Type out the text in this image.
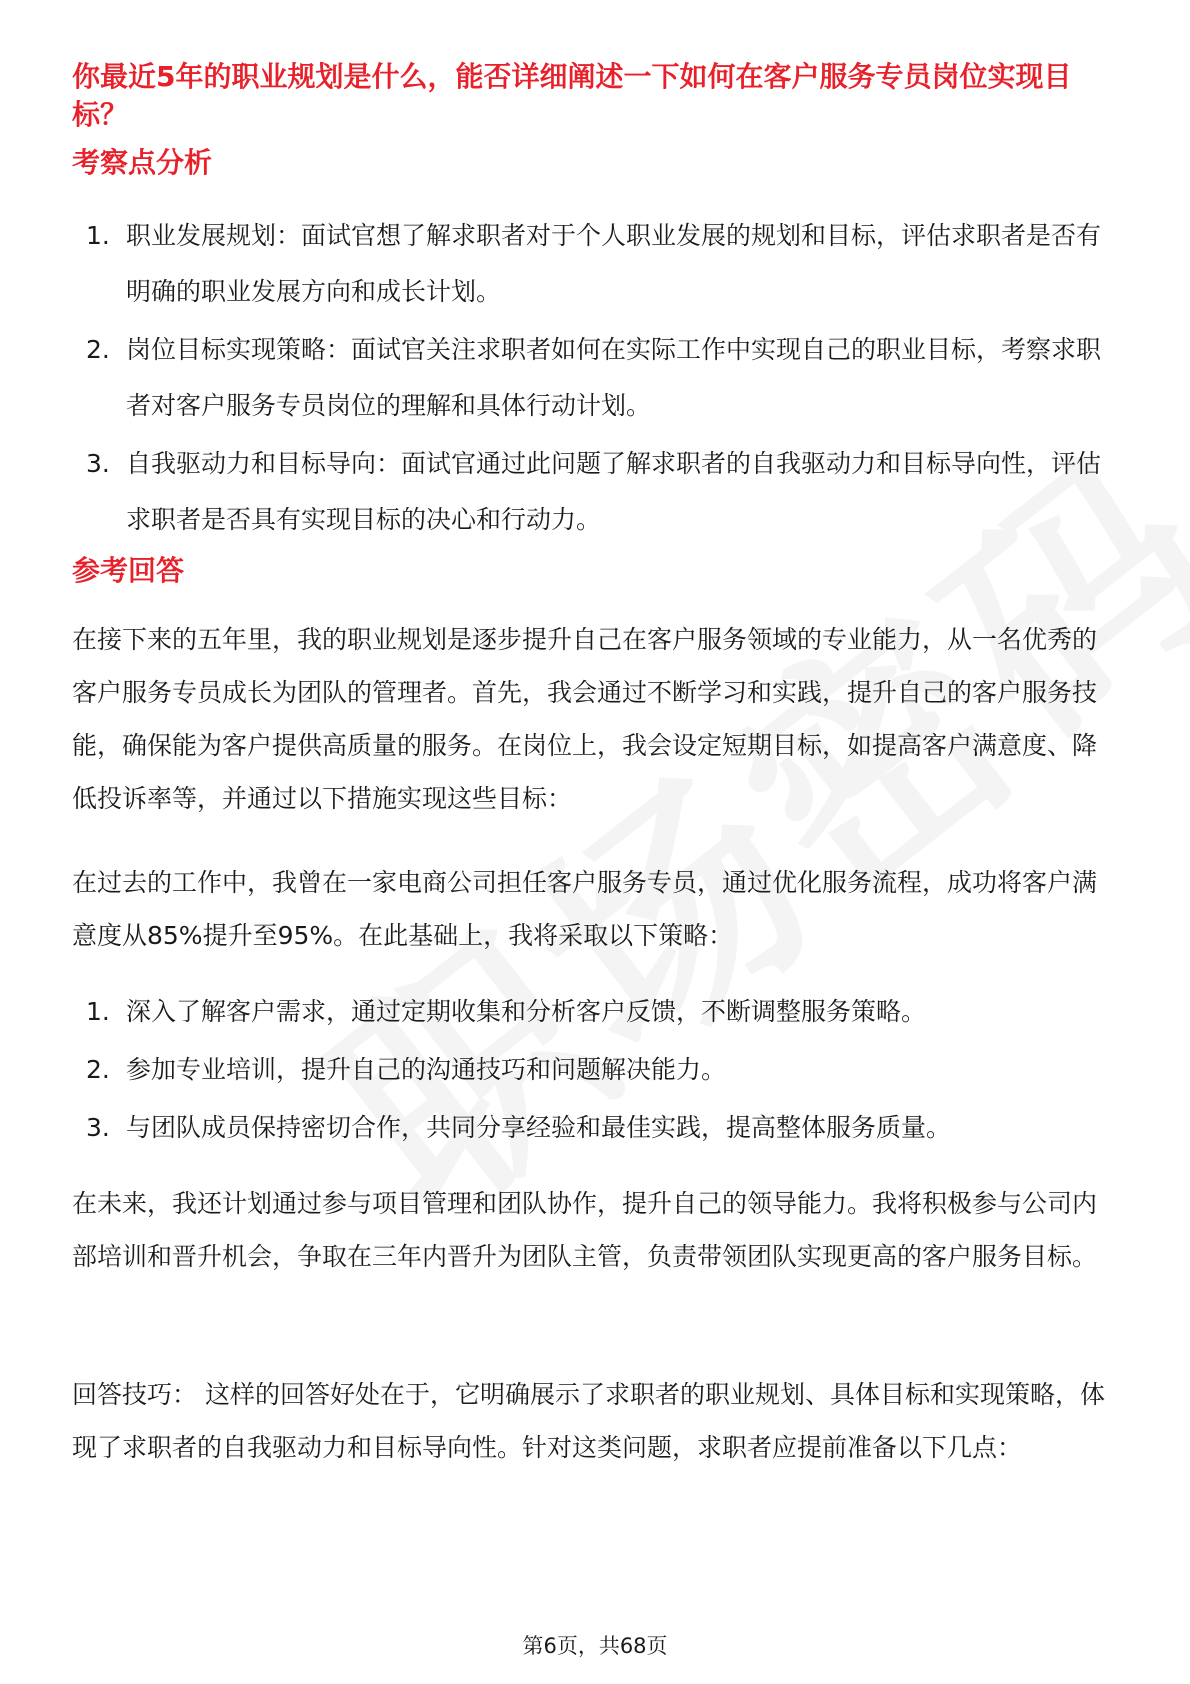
你最近5年的职业规划是什么，能否详细阐述一下如何在客户服务专员岗位实现目标？
考察点分析
1. 职业发展规划：面试官想了解求职者对于个人职业发展的规划和目标，评估求职者是否有明确的职业发展方向和成长计划。
2. 岗位目标实现策略：面试官关注求职者如何在实际工作中实现自己的职业目标，考察求职者对客户服务专员岗位的理解和具体行动计划。
3. 自我驱动力和目标导向：面试官通过此问题了解求职者的自我驱动力和目标导向性，评估求职者是否具有实现目标的决心和行动力。
参考回答

在接下来的五年里，我的职业规划是逐步提升自己在客户服务领域的专业能力，从一名优秀的客户服务专员成长为团队的管理者。首先，我会通过不断学习和实践，提升自己的客户服务技能，确保能为客户提供高质量的服务。在岗位上，我会设定短期目标，如提高客户满意度、降低投诉率等，并通过以下措施实现这些目标：

在过去的工作中，我曾在一家电商公司担任客户服务专员，通过优化服务流程，成功将客户满意度从85%提升至95%。在此基础上，我将采取以下策略：

1. 深入了解客户需求，通过定期收集和分析客户反馈，不断调整服务策略。
2. 参加专业培训，提升自己的沟通技巧和问题解决能力。
3. 与团队成员保持密切合作，共同分享经验和最佳实践，提高整体服务质量。

在未来，我还计划通过参与项目管理和团队协作，提升自己的领导能力。我将积极参与公司内部培训和晋升机会，争取在三年内晋升为团队主管，负责带领团队实现更高的客户服务目标。

回答技巧： 这样的回答好处在于，它明确展示了求职者的职业规划、具体目标和实现策略，体现了求职者的自我驱动力和目标导向性。针对这类问题，求职者应提前准备以下几点：

第6页，共68页
